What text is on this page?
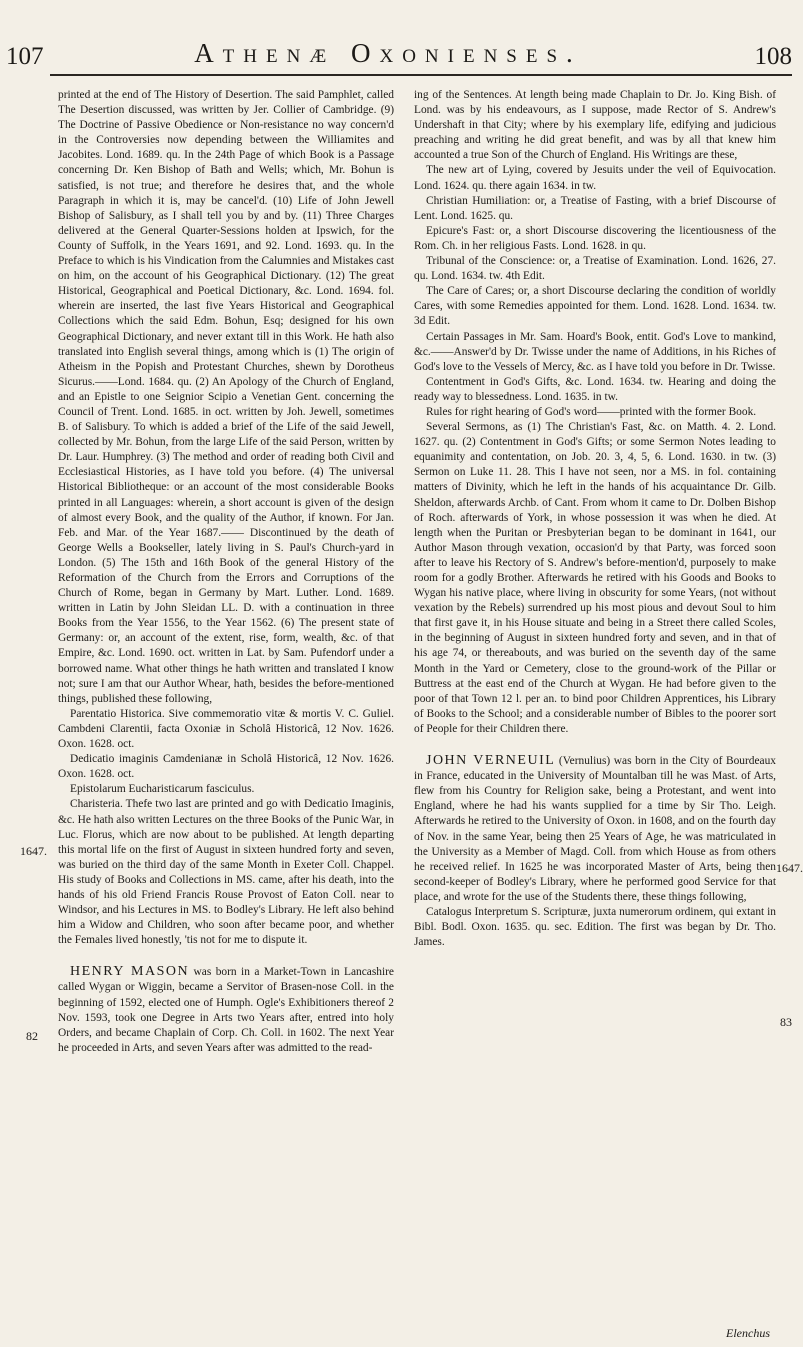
107	Athenæ Oxonienses.	108

printed at the end of The History of Desertion. The said Pamphlet, called The Desertion discussed, was written by Jer. Collier of Cambridge. (9) The Doctrine of Passive Obedience or Non-resistance no way concern'd in the Controversies now depending between the Williamites and Jacobites. Lond. 1689. qu. In the 24th Page of which Book is a Passage concerning Dr. Ken Bishop of Bath and Wells; which, Mr. Bohun is satisfied, is not true; and therefore he desires that, and the whole Paragraph in which it is, may be cancel'd. (10) Life of John Jewell Bishop of Salisbury, as I shall tell you by and by. (11) Three Charges delivered at the General Quarter-Sessions holden at Ipswich, for the County of Suffolk, in the Years 1691, and 92. Lond. 1693. qu. In the Preface to which is his Vindication from the Calumnies and Mistakes cast on him, on the account of his Geographical Dictionary. (12) The great Historical, Geographical and Poetical Dictionary, &c. Lond. 1694. fol. wherein are inserted, the last five Years Historical and Geographical Collections which the said Edm. Bohun, Esq; designed for his own Geographical Dictionary, and never extant till in this Work. He hath also translated into English several things, among which is (1) The origin of Atheism in the Popish and Protestant Churches, shewn by Dorotheus Sicurus.——Lond. 1684. qu. (2) An Apology of the Church of England, and an Epistle to one Seignior Scipio a Venetian Gent. concerning the Council of Trent. Lond. 1685. in oct. written by Joh. Jewell, sometimes B. of Salisbury. To which is added a brief of the Life of the said Jewell, collected by Mr. Bohun, from the large Life of the said Person, written by Dr. Laur. Humphrey. (3) The method and order of reading both Civil and Ecclesiastical Histories, as I have told you before. (4) The universal Historical Bibliotheque: or an account of the most considerable Books printed in all Languages: wherein, a short account is given of the design of almost every Book, and the quality of the Author, if known. For Jan. Feb. and Mar. of the Year 1687.—— Discontinued by the death of George Wells a Bookseller, lately living in S. Paul's Church-yard in London. (5) The 15th and 16th Book of the general History of the Reformation of the Church from the Errors and Corruptions of the Church of Rome, began in Germany by Mart. Luther. Lond. 1689. written in Latin by John Sleidan LL. D. with a continuation in three Books from the Year 1556, to the Year 1562. (6) The present state of Germany: or, an account of the extent, rise, form, wealth, &c. of that Empire, &c. Lond. 1690. oct. written in Lat. by Sam. Pufendorf under a borrowed name. What other things he hath written and translated I know not; sure I am that our Author Whear, hath, besides the before-mentioned things, published these following,

Parentatio Historica. Sive commemoratio vitæ & mortis V. C. Guliel. Cambdeni Clarentii, facta Oxoniæ in Scholâ Historicâ, 12 Nov. 1626. Oxon. 1628. oct.

Dedicatio imaginis Camdenianæ in Scholâ Historicâ, 12 Nov. 1626. Oxon. 1628. oct.

Epistolarum Eucharisticarum fasciculus.

Charisteria. Thefe two last are printed and go with Dedicatio Imaginis, &c. He hath also written Lectures on the three Books of the Punic War, in Luc. Florus, which are now about to be published. At length departing this mortal life on the first of August in sixteen hundred forty and seven, was buried on the third day of the same Month in Exeter Coll. Chappel. His study of Books and Collections in MS. came, after his death, into the hands of his old Friend Francis Rouse Provost of Eaton Coll. near to Windsor, and his Lectures in MS. to Bodley's Library. He left also behind him a Widow and Children, who soon after became poor, and whether the Females lived honestly, 'tis not for me to dispute it.

HENRY MASON was born in a Market-Town in Lancashire called Wygan or Wiggin, became a Servitor of Brasen-nose Coll. in the beginning of 1592, elected one of Humph. Ogle's Exhibitioners thereof 2 Nov. 1593, took one Degree in Arts two Years after, entred into holy Orders, and became Chaplain of Corp. Ch. Coll. in 1602. The next Year he proceeded in Arts, and seven Years after was admitted to the read-

ing of the Sentences. At length being made Chaplain to Dr. Jo. King Bish. of Lond. was by his endeavours, as I suppose, made Rector of S. Andrew's Undershaft in that City; where by his exemplary life, edifying and judicious preaching and writing he did great benefit, and was by all that knew him accounted a true Son of the Church of England. His Writings are these,

The new art of Lying, covered by Jesuits under the veil of Equivocation. Lond. 1624. qu. there again 1634. in tw.

Christian Humiliation: or, a Treatise of Fasting, with a brief Discourse of Lent. Lond. 1625. qu.

Epicure's Fast: or, a short Discourse discovering the licentiousness of the Rom. Ch. in her religious Fasts. Lond. 1628. in qu.

Tribunal of the Conscience: or, a Treatise of Examination. Lond. 1626, 27. qu. Lond. 1634. tw. 4th Edit.

The Care of Cares; or, a short Discourse declaring the condition of worldly Cares, with some Remedies appointed for them. Lond. 1628. Lond. 1634. tw. 3d Edit.

Certain Passages in Mr. Sam. Hoard's Book, entit. God's Love to mankind, &c.——Answer'd by Dr. Twisse under the name of Additions, in his Riches of God's love to the Vessels of Mercy, &c. as I have told you before in Dr. Twisse.

Contentment in God's Gifts, &c. Lond. 1634. tw. Hearing and doing the ready way to blessedness. Lond. 1635. in tw.

Rules for right hearing of God's word——printed with the former Book.

Several Sermons, as (1) The Christian's Fast, &c. on Matth. 4. 2. Lond. 1627. qu. (2) Contentment in God's Gifts; or some Sermon Notes leading to equanimity and contentation, on Job. 20. 3, 4, 5, 6. Lond. 1630. in tw. (3) Sermon on Luke 11. 28. This I have not seen, nor a MS. in fol. containing matters of Divinity, which he left in the hands of his acquaintance Dr. Gilb. Sheldon, afterwards Archb. of Cant. From whom it came to Dr. Dolben Bishop of Roch. afterwards of York, in whose possession it was when he died. At length when the Puritan or Presbyterian began to be dominant in 1641, our Author Mason through vexation, occasion'd by that Party, was forced soon after to leave his Rectory of S. Andrew's before-mention'd, purposely to make room for a godly Brother. Afterwards he retired with his Goods and Books to Wygan his native place, where living in obscurity for some Years, (not without vexation by the Rebels) surrendred up his most pious and devout Soul to him that first gave it, in his House situate and being in a Street there called Scoles, in the beginning of August in sixteen hundred forty and seven, and in that of his age 74, or thereabouts, and was buried on the seventh day of the same Month in the Yard or Cemetery, close to the ground-work of the Pillar or Buttress at the east end of the Church at Wygan. He had before given to the poor of that Town 12 l. per an. to bind poor Children Apprentices, his Library of Books to the School; and a considerable number of Bibles to the poorer sort of People for their Children there.

JOHN VERNEUIL (Vernulius) was born in the City of Bourdeaux in France, educated in the University of Mountalban till he was Mast. of Arts, flew from his Country for Religion sake, being a Protestant, and went into England, where he had his wants supplied for a time by Sir Tho. Leigh. Afterwards he retired to the University of Oxon. in 1608, and on the fourth day of Nov. in the same Year, being then 25 Years of Age, he was matriculated in the University as a Member of Magd. Coll. from which House as from others he received relief. In 1625 he was incorporated Master of Arts, being then second-keeper of Bodley's Library, where he performed good Service for that place, and wrote for the use of the Students there, these things following,

Catalogus Interpretum S. Scripturæ, juxta numerorum ordinem, qui extant in Bibl. Bodl. Oxon. 1635. qu. sec. Edition. The first was began by Dr. Tho. James.

1647.
82
1647.
83
Elenchus
